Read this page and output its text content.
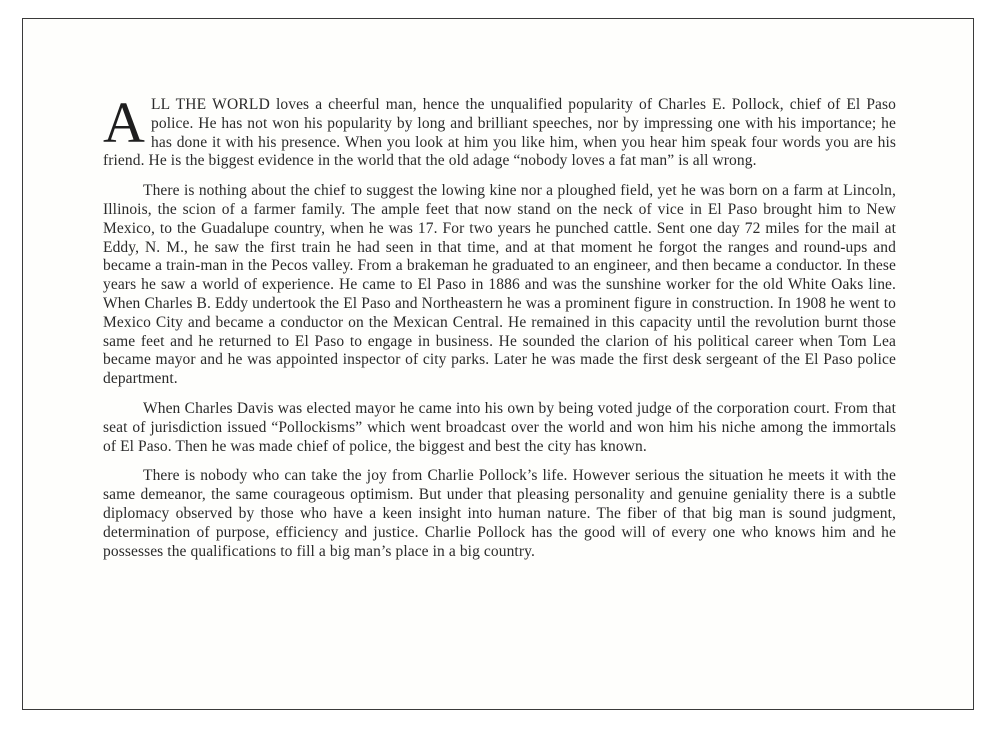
ALL THE WORLD loves a cheerful man, hence the unqualified popularity of Charles E. Pollock, chief of El Paso police. He has not won his popularity by long and brilliant speeches, nor by impressing one with his importance; he has done it with his presence. When you look at him you like him, when you hear him speak four words you are his friend. He is the biggest evidence in the world that the old adage “nobody loves a fat man” is all wrong.

There is nothing about the chief to suggest the lowing kine nor a ploughed field, yet he was born on a farm at Lincoln, Illinois, the scion of a farmer family. The ample feet that now stand on the neck of vice in El Paso brought him to New Mexico, to the Guadalupe country, when he was 17. For two years he punched cattle. Sent one day 72 miles for the mail at Eddy, N. M., he saw the first train he had seen in that time, and at that moment he forgot the ranges and round-ups and became a train-man in the Pecos valley. From a brakeman he graduated to an engineer, and then became a conductor. In these years he saw a world of experience. He came to El Paso in 1886 and was the sunshine worker for the old White Oaks line. When Charles B. Eddy undertook the El Paso and Northeastern he was a prominent figure in construction. In 1908 he went to Mexico City and became a conductor on the Mexican Central. He remained in this capacity until the revolution burnt those same feet and he returned to El Paso to engage in business. He sounded the clarion of his political career when Tom Lea became mayor and he was appointed inspector of city parks. Later he was made the first desk sergeant of the El Paso police department.

When Charles Davis was elected mayor he came into his own by being voted judge of the corporation court. From that seat of jurisdiction issued “Pollockisms” which went broadcast over the world and won him his niche among the immortals of El Paso. Then he was made chief of police, the biggest and best the city has known.

There is nobody who can take the joy from Charlie Pollock’s life. However serious the situation he meets it with the same demeanor, the same courageous optimism. But under that pleasing personality and genuine geniality there is a subtle diplomacy observed by those who have a keen insight into human nature. The fiber of that big man is sound judgment, determination of purpose, efficiency and justice. Charlie Pollock has the good will of every one who knows him and he possesses the qualifications to fill a big man’s place in a big country.
